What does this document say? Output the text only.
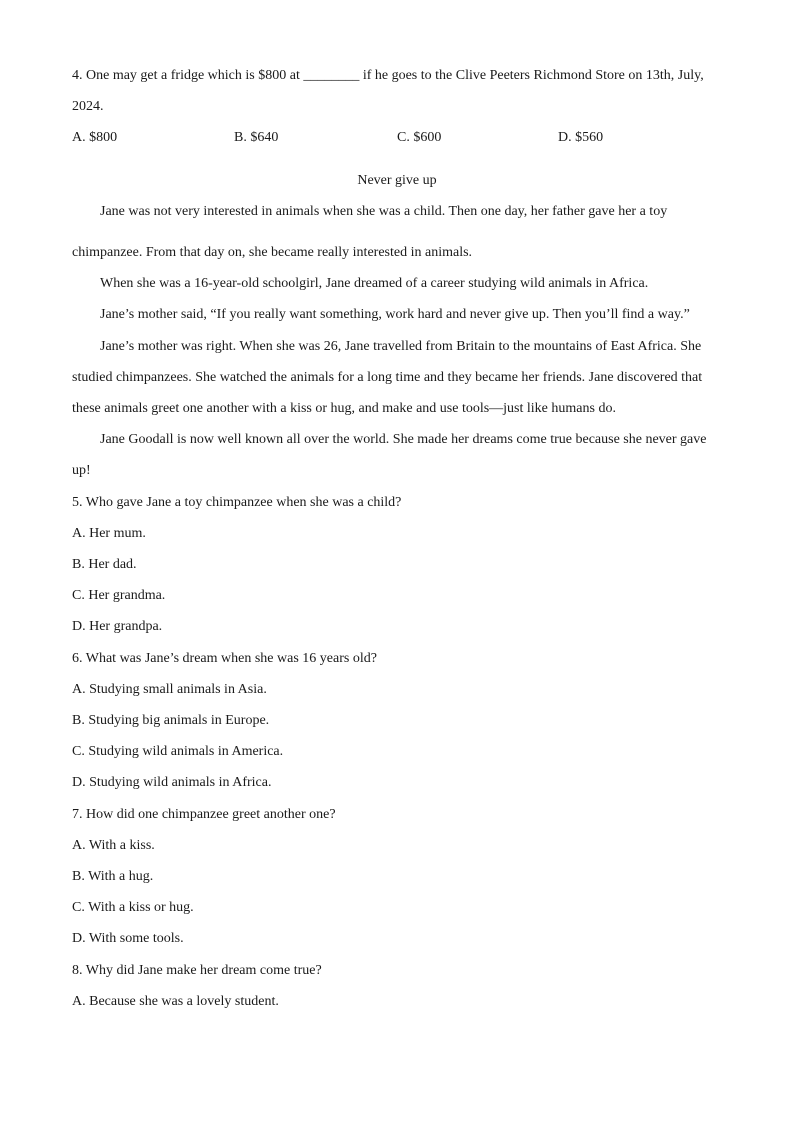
4. One may get a fridge which is $800 at ________ if he goes to the Clive Peeters Richmond Store on 13th, July,
2024.
A. $800	B. $640	C. $600	D. $560
Never give up
Jane was not very interested in animals when she was a child. Then one day, her father gave her a toy
chimpanzee. From that day on, she became really interested in animals.
When she was a 16-year-old schoolgirl, Jane dreamed of a career studying wild animals in Africa.
Jane’s mother said, “If you really want something, work hard and never give up. Then you’ll find a way.”
Jane’s mother was right. When she was 26, Jane travelled from Britain to the mountains of East Africa. She
studied chimpanzees. She watched the animals for a long time and they became her friends. Jane discovered that
these animals greet one another with a kiss or hug, and make and use tools—just like humans do.
Jane Goodall is now well known all over the world. She made her dreams come true because she never gave
up!
5. Who gave Jane a toy chimpanzee when she was a child?
A. Her mum.
B. Her dad.
C. Her grandma.
D. Her grandpa.
6. What was Jane’s dream when she was 16 years old?
A. Studying small animals in Asia.
B. Studying big animals in Europe.
C. Studying wild animals in America.
D. Studying wild animals in Africa.
7. How did one chimpanzee greet another one?
A. With a kiss.
B. With a hug.
C. With a kiss or hug.
D. With some tools.
8. Why did Jane make her dream come true?
A. Because she was a lovely student.
